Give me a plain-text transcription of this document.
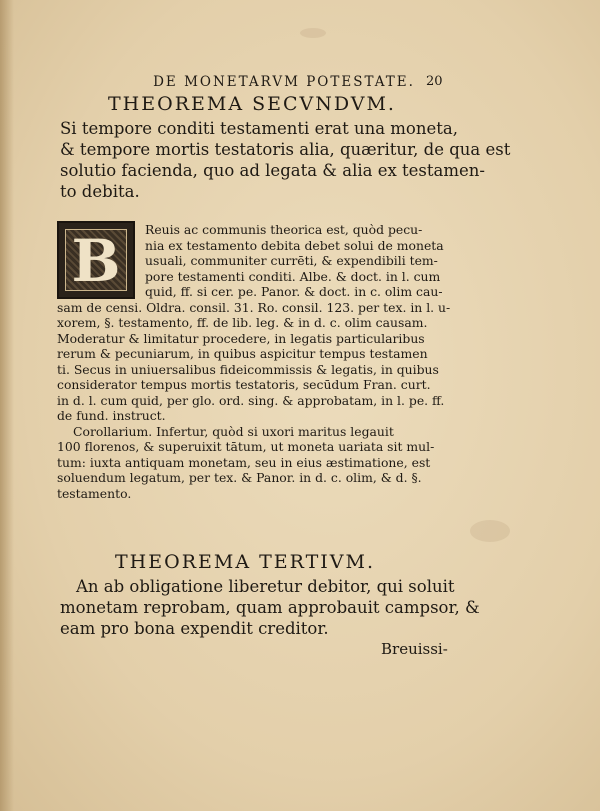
DE MONETARVM POTESTATE. 20
THEOREMA SECVNDVM.
Si tempore conditi testamenti erat una moneta,
& tempore mortis testatoris alia, quæritur, de qua est
solutio facienda, quo ad legata & alia ex testamen-
to debita.
B	Reuis ac communis theorica est, quòd pecu-
nia ex testamento debita debet solui de moneta
usuali, communiter currēti, & expendibili tem-
pore testamenti conditi. Albe. & doct. in l. cum
quid, ff. si cer. pe. Panor. & doct. in c. olim cau-
sam de censi. Oldra. consil. 31. Ro. consil. 123. per tex. in l. u-
xorem, §. testamento, ff. de lib. leg. & in d. c. olim causam.
Moderatur & limitatur procedere, in legatis particularibus
rerum & pecuniarum, in quibus aspicitur tempus testamen
ti. Secus in uniuersalibus fideicommissis & legatis, in quibus
considerator tempus mortis testatoris, secūdum Fran. curt.
in d. l. cum quid, per glo. ord. sing. & approbatam, in l. pe. ff.
de fund. instruct.
Corollarium. Infertur, quòd si uxori maritus legauit
100 florenos, & superuixit tātum, ut moneta uariata sit mul-
tum: iuxta antiquam monetam, seu in eius æstimatione, est
soluendum legatum, per tex. & Panor. in d. c. olim, & d. §.
testamento.
THEOREMA TERTIVM.
An ab obligatione liberetur debitor, qui soluit
monetam reprobam, quam approbauit campsor, &
eam pro bona expendit creditor.
Breuissi-
